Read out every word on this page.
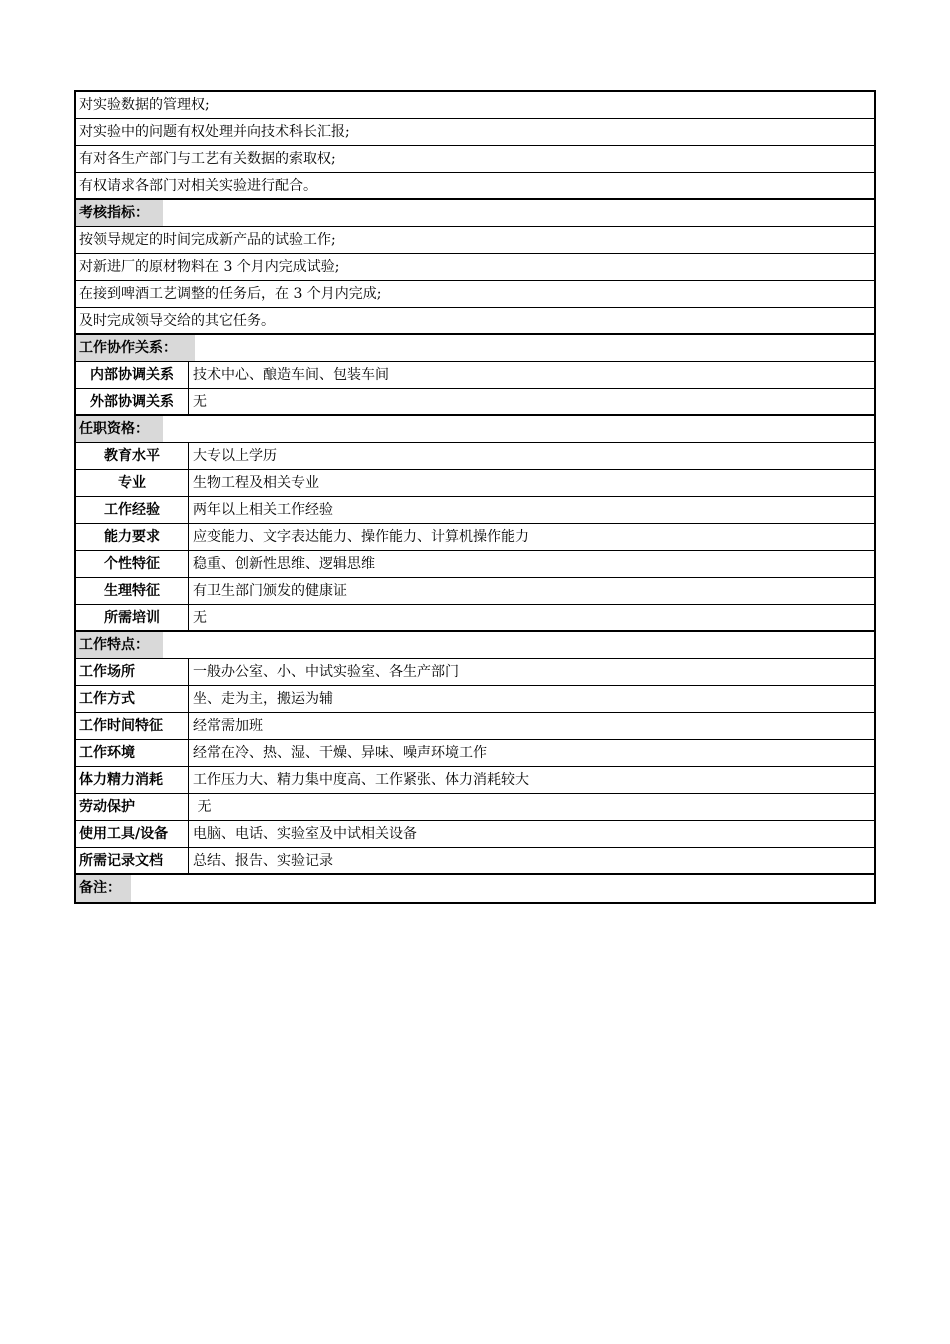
对实验数据的管理权;
对实验中的问题有权处理并向技术科长汇报;
有对各生产部门与工艺有关数据的索取权;
有权请求各部门对相关实验进行配合。
考核指标：
按领导规定的时间完成新产品的试验工作;
对新进厂的原材物料在 3 个月内完成试验;
在接到啤酒工艺调整的任务后，在 3 个月内完成;
及时完成领导交给的其它任务。
工作协作关系：
内部协调关系	技术中心、酿造车间、包装车间
外部协调关系	无
任职资格：
教育水平	大专以上学历
专业	生物工程及相关专业
工作经验	两年以上相关工作经验
能力要求	应变能力、文字表达能力、操作能力、计算机操作能力
个性特征	稳重、创新性思维、逻辑思维
生理特征	有卫生部门颁发的健康证
所需培训	无
工作特点：
工作场所	一般办公室、小、中试实验室、各生产部门
工作方式	坐、走为主，搬运为辅
工作时间特征	经常需加班
工作环境	经常在冷、热、湿、干燥、异味、噪声环境工作
体力精力消耗	工作压力大、精力集中度高、工作紧张、体力消耗较大
劳动保护	无
使用工具/设备	电脑、电话、实验室及中试相关设备
所需记录文档	总结、报告、实验记录
备注：
